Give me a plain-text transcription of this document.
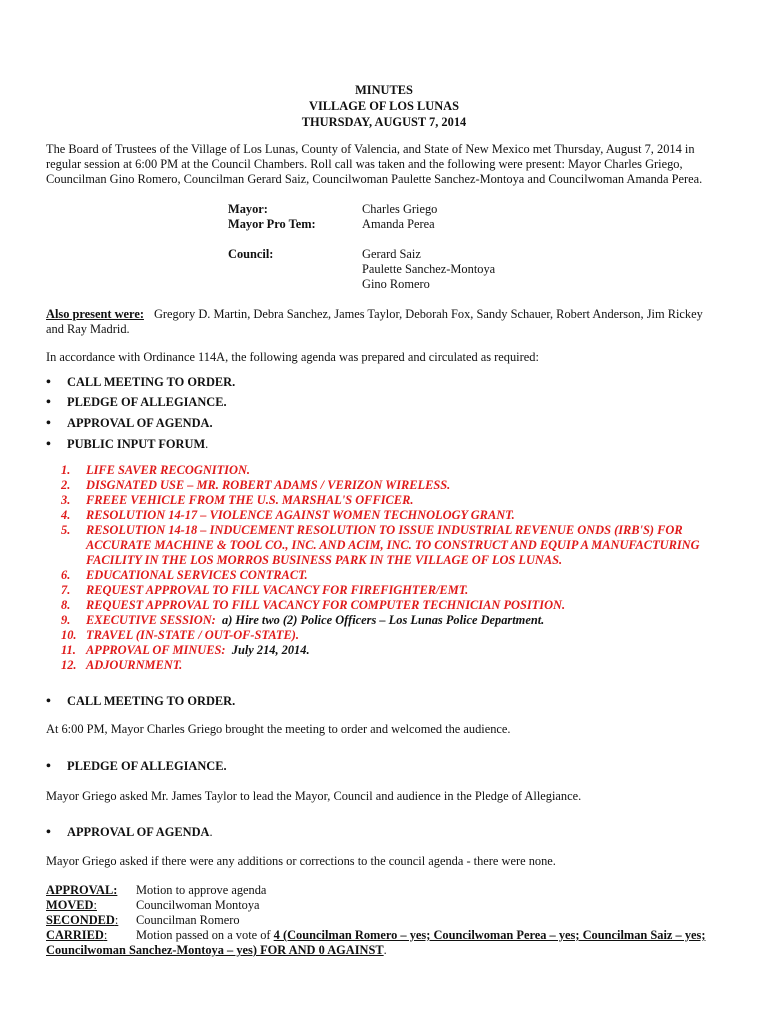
MINUTES
VILLAGE OF LOS LUNAS
THURSDAY, AUGUST 7, 2014
The Board of Trustees of the Village of Los Lunas, County of Valencia, and State of New Mexico met Thursday, August 7, 2014 in regular session at 6:00 PM at the Council Chambers. Roll call was taken and the following were present: Mayor Charles Griego, Councilman Gino Romero, Councilman Gerard Saiz, Councilwoman Paulette Sanchez-Montoya and Councilwoman Amanda Perea.
Mayor:	Charles Griego
Mayor Pro Tem:	Amanda Perea
Council:	Gerard Saiz
Paulette Sanchez-Montoya
Gino Romero
Also present were: Gregory D. Martin, Debra Sanchez, James Taylor, Deborah Fox, Sandy Schauer, Robert Anderson, Jim Rickey and Ray Madrid.
In accordance with Ordinance 114A, the following agenda was prepared and circulated as required:
•	CALL MEETING TO ORDER.
•	PLEDGE OF ALLEGIANCE.
•	APPROVAL OF AGENDA.
•	PUBLIC INPUT FORUM .
1.	LIFE SAVER RECOGNITION.
2.	DISGNATED USE – MR. ROBERT ADAMS / VERIZON WIRELESS.
3.	FREEE VEHICLE FROM THE U.S. MARSHAL'S OFFICER.
4.	RESOLUTION 14-17 – VIOLENCE AGAINST WOMEN TECHNOLOGY GRANT.
5.	RESOLUTION 14-18 – INDUCEMENT RESOLUTION TO ISSUE INDUSTRIAL REVENUE ONDS (IRB'S) FOR ACCURATE MACHINE & TOOL CO., INC. AND ACIM, INC. TO CONSTRUCT AND EQUIP A MANUFACTURING FACILITY IN THE LOS MORROS BUSINESS PARK IN THE VILLAGE OF LOS LUNAS.
6.	EDUCATIONAL SERVICES CONTRACT.
7.	REQUEST APPROVAL TO FILL VACANCY FOR FIREFIGHTER/EMT.
8.	REQUEST APPROVAL TO FILL VACANCY FOR COMPUTER TECHNICIAN POSITION.
9.	EXECUTIVE SESSION: a) Hire two (2) Police Officers – Los Lunas Police Department.
10. TRAVEL (IN-STATE / OUT-OF-STATE).
11. APPROVAL OF MINUES: July 214, 2014.
12. ADJOURNMENT.
•	CALL MEETING TO ORDER.
At 6:00 PM, Mayor Charles Griego brought the meeting to order and welcomed the audience.
•	PLEDGE OF ALLEGIANCE.
Mayor Griego asked Mr. James Taylor to lead the Mayor, Council and audience in the Pledge of Allegiance.
•	APPROVAL OF AGENDA .
Mayor Griego asked if there were any additions or corrections to the council agenda - there were none.
APPROVAL:	Motion to approve agenda
MOVED:	Councilwoman Montoya
SECONDED:	Councilman Romero
CARRIED: Motion passed on a vote of 4 (Councilman Romero – yes; Councilwoman Perea – yes; Councilman Saiz – yes; Councilwoman Sanchez-Montoya – yes) FOR AND 0 AGAINST.
